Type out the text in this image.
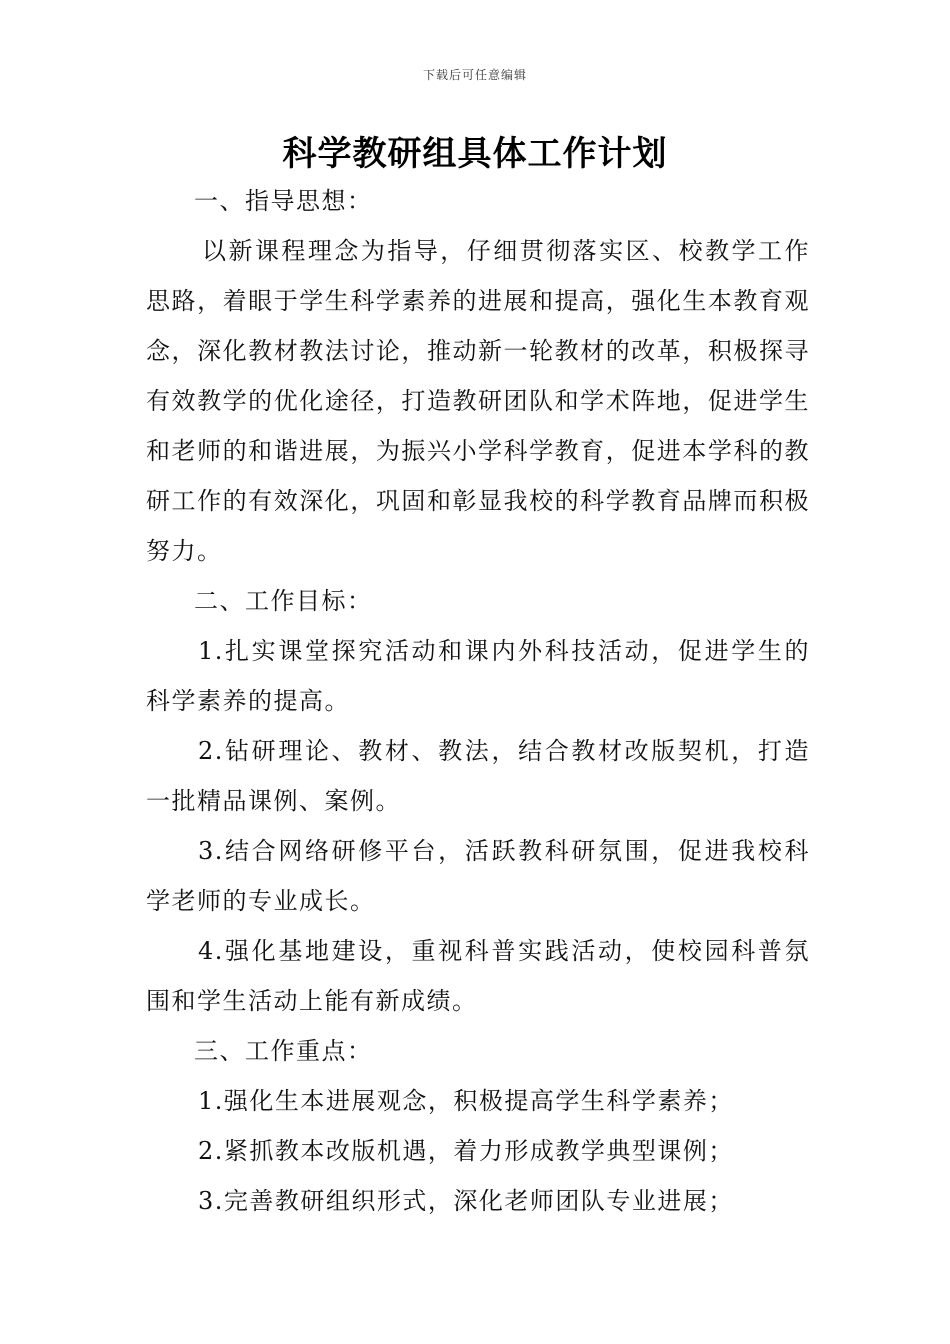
下载后可任意编辑
科学教研组具体工作计划

一、指导思想：

以新课程理念为指导，仔细贯彻落实区、校教学工作思路，着眼于学生科学素养的进展和提高，强化生本教育观念，深化教材教法讨论，推动新一轮教材的改革，积极探寻有效教学的优化途径，打造教研团队和学术阵地，促进学生和老师的和谐进展，为振兴小学科学教育，促进本学科的教研工作的有效深化，巩固和彰显我校的科学教育品牌而积极努力。

二、工作目标：

1.扎实课堂探究活动和课内外科技活动，促进学生的科学素养的提高。

2.钻研理论、教材、教法，结合教材改版契机，打造一批精品课例、案例。

3.结合网络研修平台，活跃教科研氛围，促进我校科学老师的专业成长。

4.强化基地建设，重视科普实践活动，使校园科普氛围和学生活动上能有新成绩。

三、工作重点：

1.强化生本进展观念，积极提高学生科学素养；

2.紧抓教本改版机遇，着力形成教学典型课例；

3.完善教研组织形式，深化老师团队专业进展；
